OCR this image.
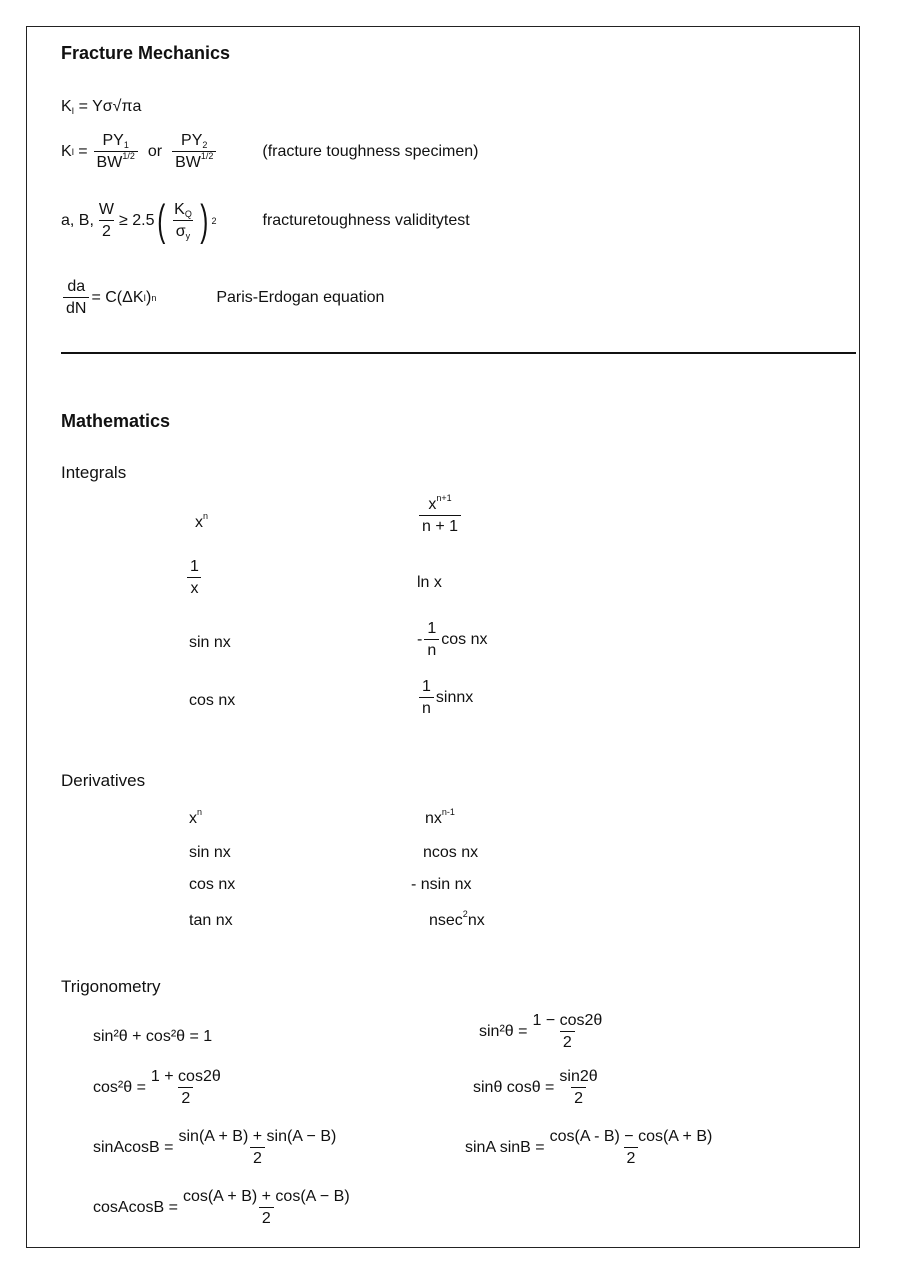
Fracture Mechanics
$K_I = Y\sigma√\pi a$
K $I = \frac{PY_1}{BW^{1/2}}$ or $\frac{PY_2}{BW^{1/2}}$	(fracture toughness specimen)
a, B, $\frac{W}{2} \ge 2.5$ ( $\frac{K_Q}{\sigma_y}$ ) 2	fracturetoughness validitytest
$\frac{da}{dN} = C(\Delta K$ I ) n	Paris-Erdogan equation
Mathematics
Integrals
$x^n$	$\frac{x^{n+1}}{n + 1}$
$\frac{1}{x}$	ln x
sin nx	- $\frac{1}{n}$ cos nx
cos nx	$\frac{1}{n}$ sinnx
Derivatives
$x^n$	$nx^{n-1}$
sin nx	ncos nx
cos nx	- nsin nx
tan nx	nsec$^2$nx
Trigonometry
sin²θ + cos²θ = 1	$\sin^2\theta = \frac{1 - \cos 2\theta}{2}$
$\cos^2\theta = \frac{1 + \cos 2\theta}{2}$	sinθ $\cos\theta = \frac{\sin 2\theta}{2}$
sinAcosB = $\frac{\sin(A + B) + \sin(A - B)}{2}$	sinA $\sin B = \frac{\cos(A - B) - \cos(A + B)}{2}$
cosAcosB = $\frac{\cos(A + B) + \cos(A - B)}{2}$
